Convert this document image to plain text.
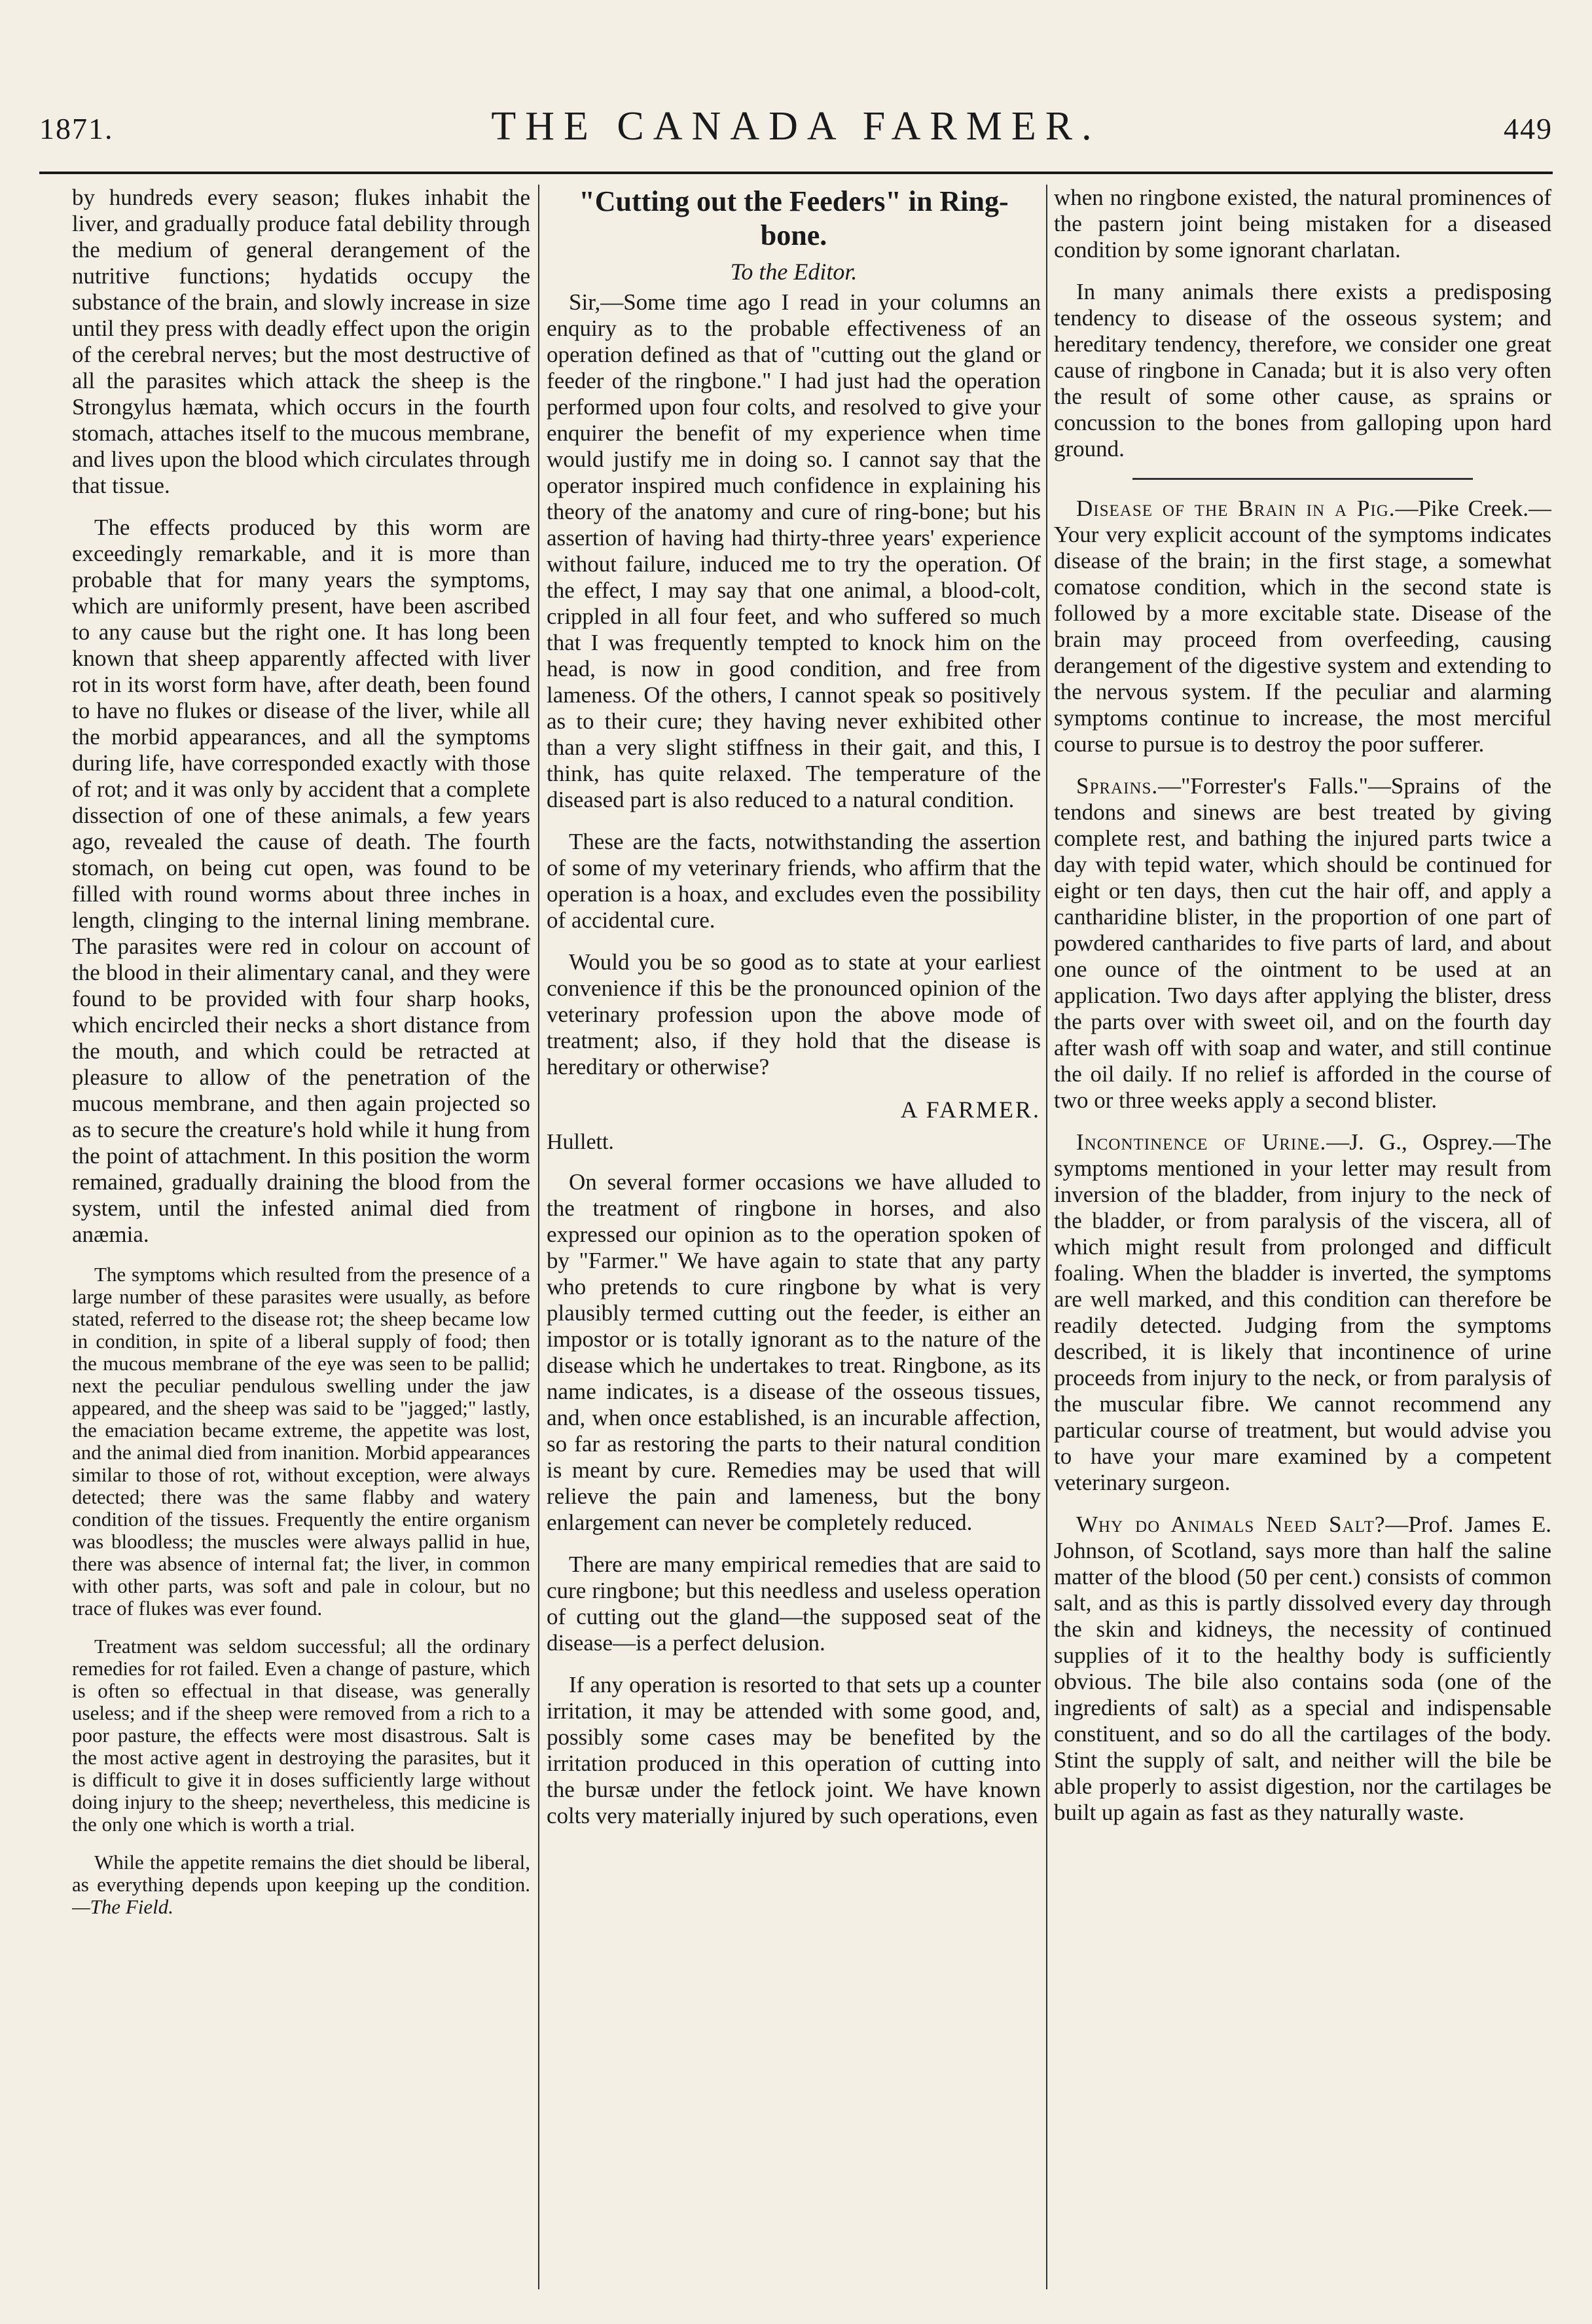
1871.	THE CANADA FARMER.	449

by hundreds every season; flukes inhabit the liver, and gradually produce fatal debility through the medium of general derangement of the nutritive functions; hydatids occupy the substance of the brain, and slowly increase in size until they press with deadly effect upon the origin of the cerebral nerves; but the most destructive of all the parasites which attack the sheep is the Strongylus hæmata, which occurs in the fourth stomach, attaches itself to the mucous membrane, and lives upon the blood which circulates through that tissue.

The effects produced by this worm are exceedingly remarkable, and it is more than probable that for many years the symptoms, which are uniformly present, have been ascribed to any cause but the right one. It has long been known that sheep apparently affected with liver rot in its worst form have, after death, been found to have no flukes or disease of the liver, while all the morbid appearances, and all the symptoms during life, have corresponded exactly with those of rot; and it was only by accident that a complete dissection of one of these animals, a few years ago, revealed the cause of death. The fourth stomach, on being cut open, was found to be filled with round worms about three inches in length, clinging to the internal lining membrane. The parasites were red in colour on account of the blood in their alimentary canal, and they were found to be provided with four sharp hooks, which encircled their necks a short distance from the mouth, and which could be retracted at pleasure to allow of the penetration of the mucous membrane, and then again projected so as to secure the creature's hold while it hung from the point of attachment. In this position the worm remained, gradually draining the blood from the system, until the infested animal died from anæmia.

The symptoms which resulted from the presence of a large number of these parasites were usually, as before stated, referred to the disease rot; the sheep became low in condition, in spite of a liberal supply of food; then the mucous membrane of the eye was seen to be pallid; next the peculiar pendulous swelling under the jaw appeared, and the sheep was said to be "jagged;" lastly, the emaciation became extreme, the appetite was lost, and the animal died from inanition. Morbid appearances similar to those of rot, without exception, were always detected; there was the same flabby and watery condition of the tissues. Frequently the entire organism was bloodless; the muscles were always pallid in hue, there was absence of internal fat; the liver, in common with other parts, was soft and pale in colour, but no trace of flukes was ever found.

Treatment was seldom successful; all the ordinary remedies for rot failed. Even a change of pasture, which is often so effectual in that disease, was generally useless; and if the sheep were removed from a rich to a poor pasture, the effects were most disastrous. Salt is the most active agent in destroying the parasites, but it is difficult to give it in doses sufficiently large without doing injury to the sheep; nevertheless, this medicine is the only one which is worth a trial.

While the appetite remains the diet should be liberal, as everything depends upon keeping up the condition. —The Field.

"Cutting out the Feeders" in Ring-bone.
To the Editor.

Sir,—Some time ago I read in your columns an enquiry as to the probable effectiveness of an operation defined as that of "cutting out the gland or feeder of the ringbone." I had just had the operation performed upon four colts, and resolved to give your enquirer the benefit of my experience when time would justify me in doing so. I cannot say that the operator inspired much confidence in explaining his theory of the anatomy and cure of ring-bone; but his assertion of having had thirty-three years' experience without failure, induced me to try the operation. Of the effect, I may say that one animal, a blood-colt, crippled in all four feet, and who suffered so much that I was frequently tempted to knock him on the head, is now in good condition, and free from lameness. Of the others, I cannot speak so positively as to their cure; they having never exhibited other than a very slight stiffness in their gait, and this, I think, has quite relaxed. The temperature of the diseased part is also reduced to a natural condition.

These are the facts, notwithstanding the assertion of some of my veterinary friends, who affirm that the operation is a hoax, and excludes even the possibility of accidental cure.

Would you be so good as to state at your earliest convenience if this be the pronounced opinion of the veterinary profession upon the above mode of treatment; also, if they hold that the disease is hereditary or otherwise?

A FARMER.
Hullett.

On several former occasions we have alluded to the treatment of ringbone in horses, and also expressed our opinion as to the operation spoken of by "Farmer." We have again to state that any party who pretends to cure ringbone by what is very plausibly termed cutting out the feeder, is either an impostor or is totally ignorant as to the nature of the disease which he undertakes to treat. Ringbone, as its name indicates, is a disease of the osseous tissues, and, when once established, is an incurable affection, so far as restoring the parts to their natural condition is meant by cure. Remedies may be used that will relieve the pain and lameness, but the bony enlargement can never be completely reduced.

There are many empirical remedies that are said to cure ringbone; but this needless and useless operation of cutting out the gland—the supposed seat of the disease—is a perfect delusion.

If any operation is resorted to that sets up a counter irritation, it may be attended with some good, and, possibly some cases may be benefited by the irritation produced in this operation of cutting into the bursæ under the fetlock joint. We have known colts very materially injured by such operations, even

when no ringbone existed, the natural prominences of the pastern joint being mistaken for a diseased condition by some ignorant charlatan.

In many animals there exists a predisposing tendency to disease of the osseous system; and hereditary tendency, therefore, we consider one great cause of ringbone in Canada; but it is also very often the result of some other cause, as sprains or concussion to the bones from galloping upon hard ground.

Disease of the Brain in a Pig.—Pike Creek.—Your very explicit account of the symptoms indicates disease of the brain; in the first stage, a somewhat comatose condition, which in the second state is followed by a more excitable state. Disease of the brain may proceed from overfeeding, causing derangement of the digestive system and extending to the nervous system. If the peculiar and alarming symptoms continue to increase, the most merciful course to pursue is to destroy the poor sufferer.

Sprains.—"Forrester's Falls."—Sprains of the tendons and sinews are best treated by giving complete rest, and bathing the injured parts twice a day with tepid water, which should be continued for eight or ten days, then cut the hair off, and apply a cantharidine blister, in the proportion of one part of powdered cantharides to five parts of lard, and about one ounce of the ointment to be used at an application. Two days after applying the blister, dress the parts over with sweet oil, and on the fourth day after wash off with soap and water, and still continue the oil daily. If no relief is afforded in the course of two or three weeks apply a second blister.

Incontinence of Urine.—J. G., Osprey.—The symptoms mentioned in your letter may result from inversion of the bladder, from injury to the neck of the bladder, or from paralysis of the viscera, all of which might result from prolonged and difficult foaling. When the bladder is inverted, the symptoms are well marked, and this condition can therefore be readily detected. Judging from the symptoms described, it is likely that incontinence of urine proceeds from injury to the neck, or from paralysis of the muscular fibre. We cannot recommend any particular course of treatment, but would advise you to have your mare examined by a competent veterinary surgeon.

Why do Animals Need Salt?—Prof. James E. Johnson, of Scotland, says more than half the saline matter of the blood (50 per cent.) consists of common salt, and as this is partly dissolved every day through the skin and kidneys, the necessity of continued supplies of it to the healthy body is sufficiently obvious. The bile also contains soda (one of the ingredients of salt) as a special and indispensable constituent, and so do all the cartilages of the body. Stint the supply of salt, and neither will the bile be able properly to assist digestion, nor the cartilages be built up again as fast as they naturally waste.
